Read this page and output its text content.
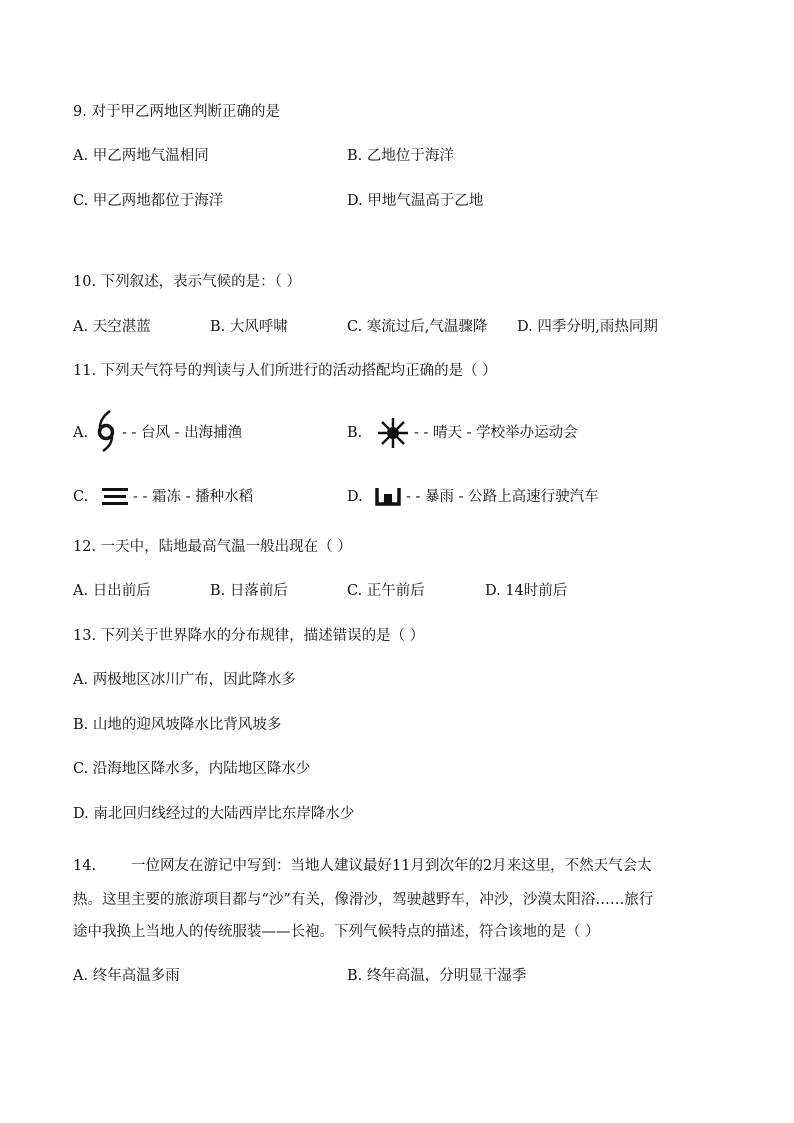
9. 对于甲乙两地区判断正确的是
A. 甲乙两地气温相同	B. 乙地位于海洋
C. 甲乙两地都位于海洋	D. 甲地气温高于乙地
10. 下列叙述，表示气候的是：（ ）
A. 天空湛蓝	B. 大风呼啸	C. 寒流过后,气温骤降 D. 四季分明,雨热同期
11. 下列天气符号的判读与人们所进行的活动搭配均正确的是（ ）
A. - - 台风 - 出海捕渔	B.	- - 晴天 - 学校举办运动会
C.	- - 霜冻 - 播种水稻	D.	- - 暴雨 - 公路上高速行驶汽车
12. 一天中，陆地最高气温一般出现在（ ）
A. 日出前后	B. 日落前后	C. 正午前后	D. 14时前后
13. 下列关于世界降水的分布规律，描述错误的是（ ）
A. 两极地区冰川广布，因此降水多
B. 山地的迎风坡降水比背风坡多
C. 沿海地区降水多，内陆地区降水少
D. 南北回归线经过的大陆西岸比东岸降水少
14. 一位网友在游记中写到：当地人建议最好11月到次年的2月来这里，不然天气会太
热。这里主要的旅游项目都与“沙”有关，像滑沙，驾驶越野车，冲沙，沙漠太阳浴……旅行
途中我换上当地人的传统服装——长袍。下列气候特点的描述，符合该地的是（ ）
A. 终年高温多雨	B. 终年高温，分明显干湿季
